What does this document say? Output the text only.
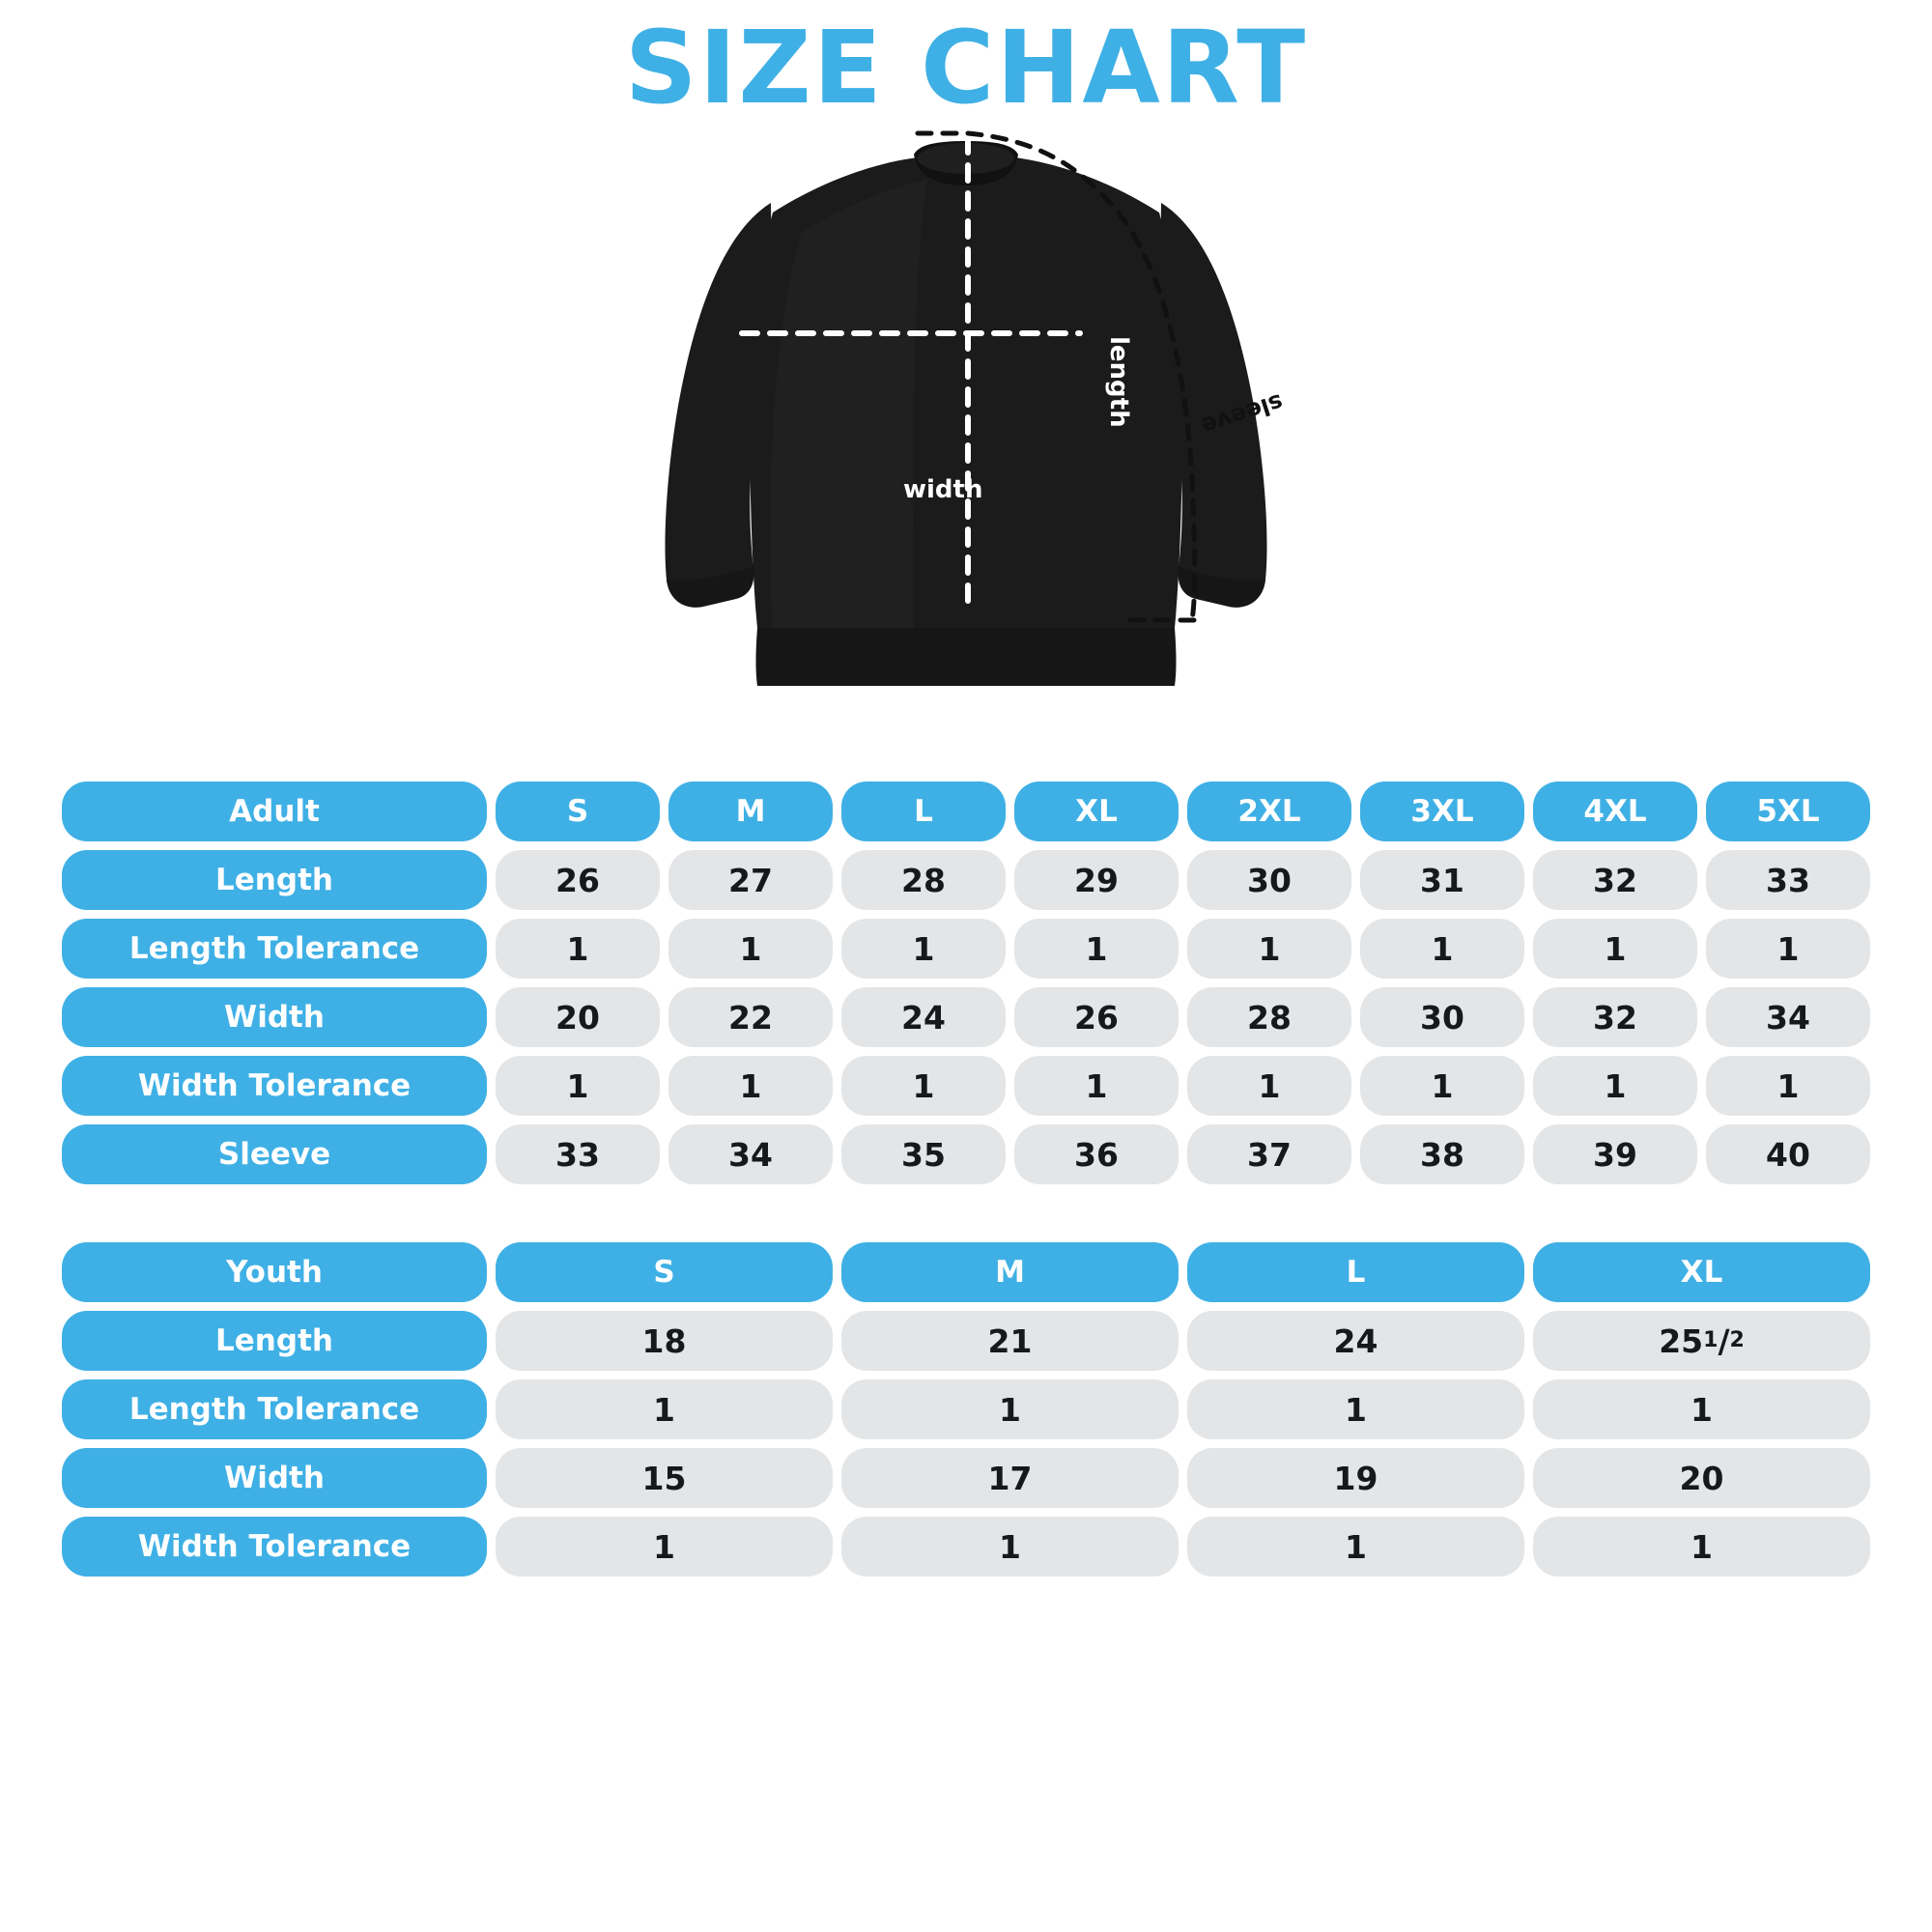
SIZE CHART
width
length	sleeve
Adult	S	M	L	XL	2XL	3XL	4XL	5XL

Length	26	27	28	29	30	31	32	33

Length Tolerance	1	1	1	1	1	1	1	1

Width	20	22	24	26	28	30	32	34

Width Tolerance	1	1	1	1	1	1	1	1

Sleeve	33	34	35	36	37	38	39	40
Youth	S	M	L	XL

Length	18	21	24	25 1 / 2

Length Tolerance	1	1	1	1

Width	15	17	19	20

Width Tolerance	1	1	1	1
